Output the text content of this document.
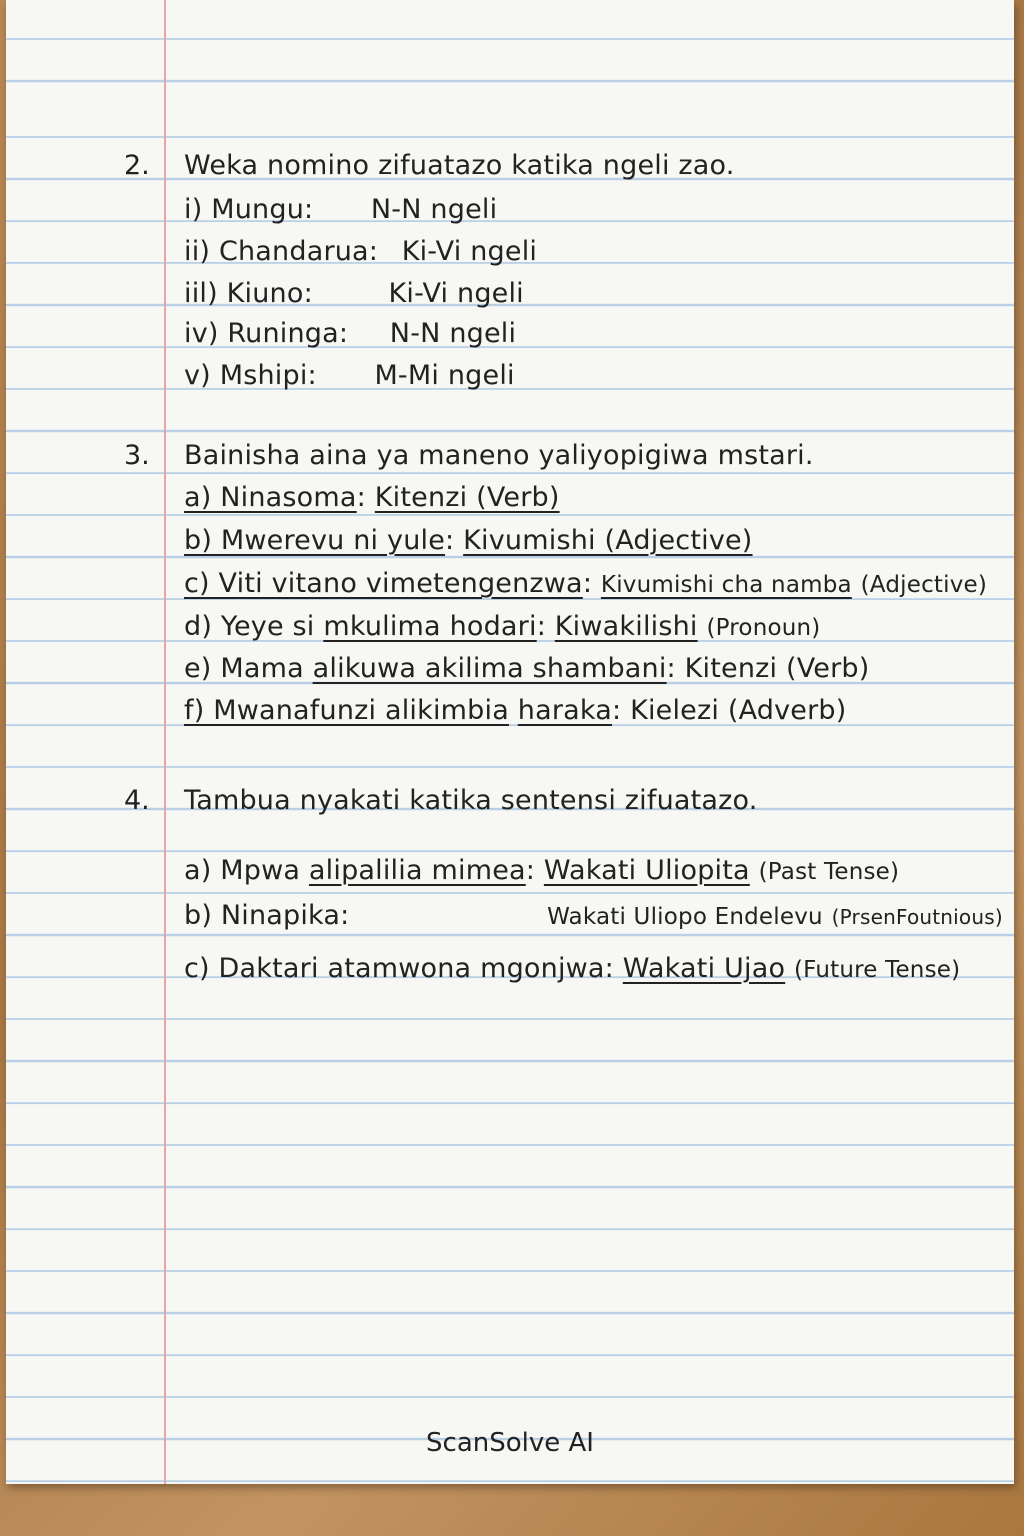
2. Weka nomino zifuatazo katika ngeli zao.
i) Mungu: N-N ngeli
ii) Chandarua: Ki-Vi ngeli
iil) Kiuno:	Ki-Vi ngeli
iv) Runinga: N-N ngeli
v) Mshipi: M-Mi ngeli
3. Bainisha aina ya maneno yaliyopigiwa mstari.
a) Ninasoma: Kitenzi (Verb)
b) Mwerevu ni yule: Kivumishi (Adjective)
c) Viti vitano vimetengenzwa: Kivumishi cha namba (Adjective)
d) Yeye si mkulima hodari: Kiwakilishi (Pronoun)
e) Mama alikuwa akilima shambani: Kitenzi (Verb)
f) Mwanafunzi alikimbia haraka: Kielezi (Adverb)
4. Tambua nyakati katika sentensi zifuatazo.
a) Mpwa alipalilia mimea: Wakati Uliopita (Past Tense)
b) Ninapika:	Wakati Uliopo Endelevu (PrsenFoutnious)
c) Daktari atamwona mgonjwa: Wakati Ujao (Future Tense)
ScanSolve AI
